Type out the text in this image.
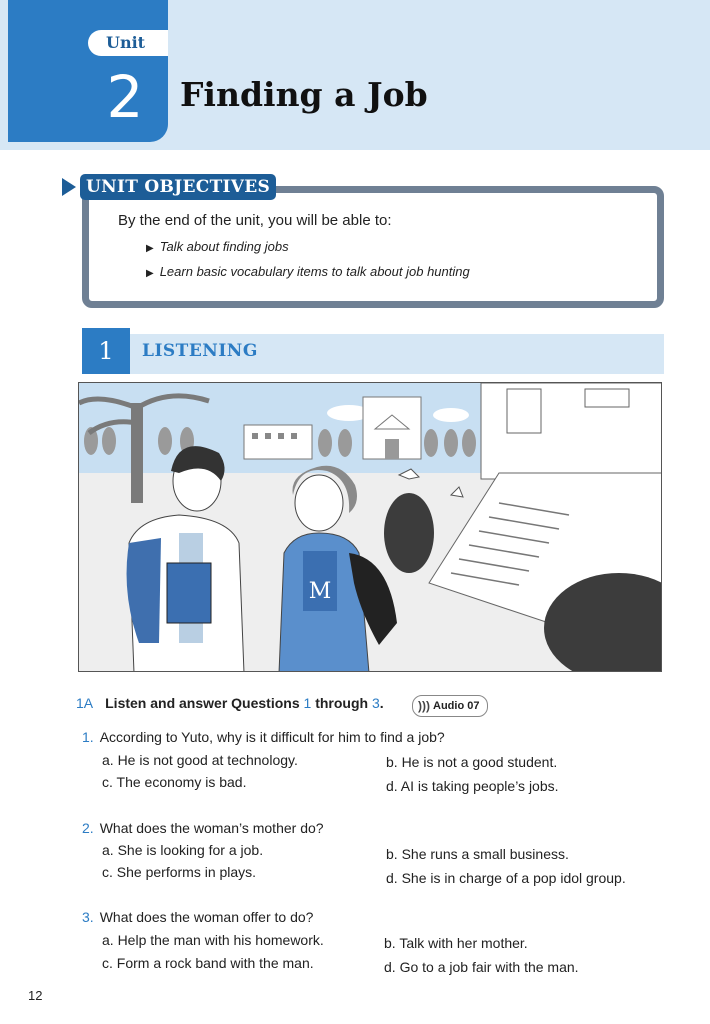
Unit
2 Finding a Job
UNIT OBJECTIVES

By the end of the unit, you will be able to:

▶ Talk about finding jobs
▶ Learn basic vocabulary items to talk about job hunting
1	LISTENING
M
1A Listen and answer Questions 1 through 3.	))) Audio 07
1. According to Yuto, why is it difficult for him to find a job?
a. He is not good at technology.	b. He is not a good student.
c. The economy is bad.	d. AI is taking people’s jobs.
2. What does the woman’s mother do?
a. She is looking for a job.	b. She runs a small business.
c. She performs in plays.	d. She is in charge of a pop idol group.
3. What does the woman offer to do?
a. Help the man with his homework.	b. Talk with her mother.
c. Form a rock band with the man.	d. Go to a job fair with the man.
12
